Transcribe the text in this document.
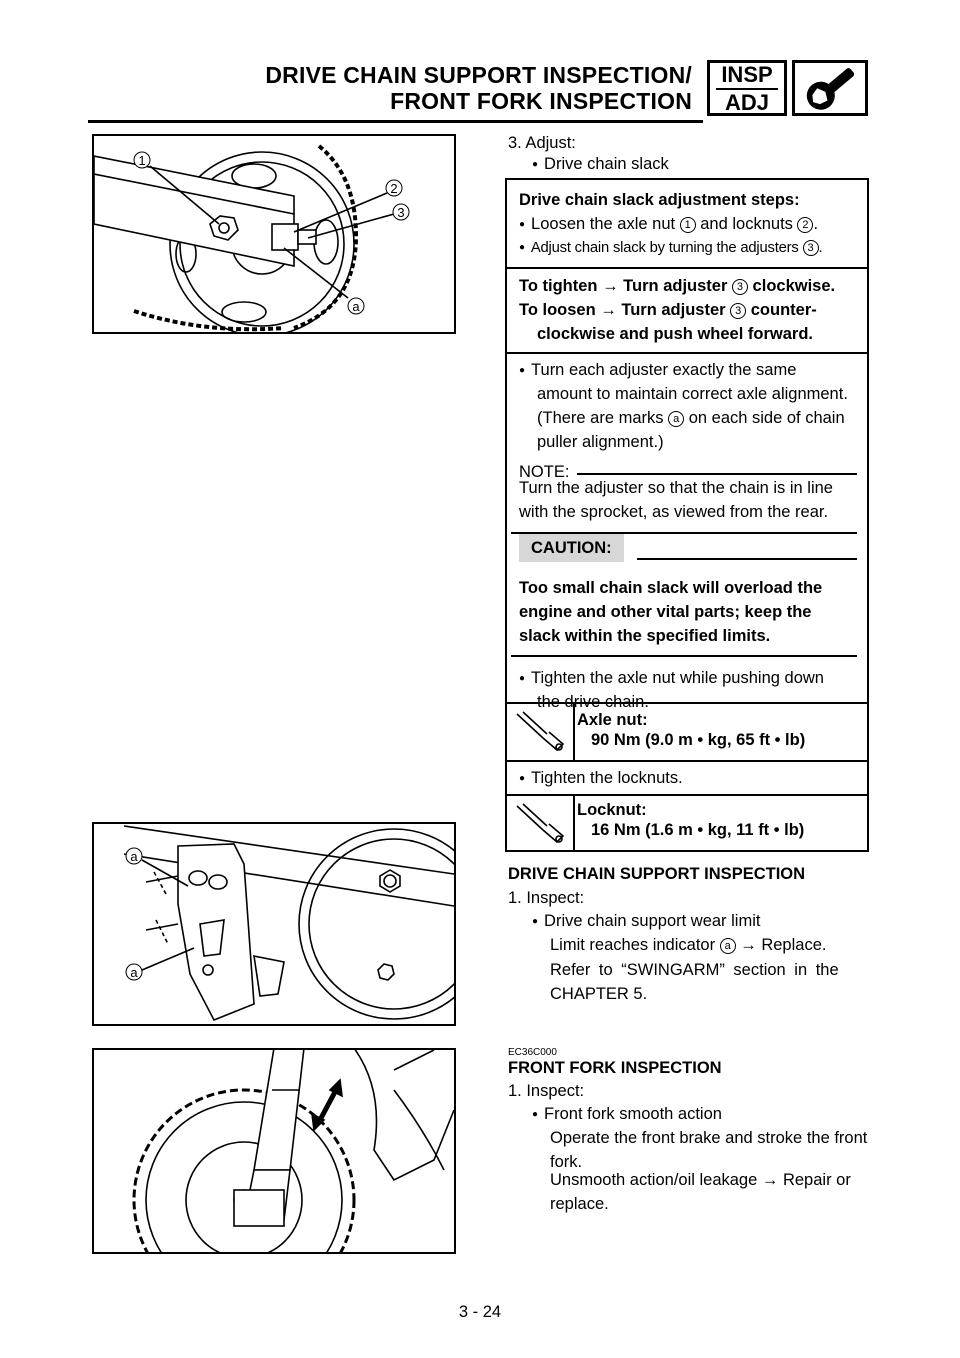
DRIVE CHAIN SUPPORT INSPECTION/
FRONT FORK INSPECTION
INSP
ADJ
1
2
3
a
a
a
3. Adjust:
● Drive chain slack
Drive chain slack adjustment steps:
● Loosen the axle nut 1 and locknuts 2 .
● Adjust chain slack by turning the adjusters 3 .
To tighten → Turn adjuster 3 clockwise.
To loosen → Turn adjuster 3 counter-
clockwise and push wheel forward.
● Turn each adjuster exactly the same
amount to maintain correct axle alignment.
(There are marks a on each side of chain
puller alignment.)
NOTE:
Turn the adjuster so that the chain is in line
with the sprocket, as viewed from the rear.
CAUTION:
Too small chain slack will overload the
engine and other vital parts; keep the
slack within the specified limits.
● Tighten the axle nut while pushing down
the drive chain.
Axle nut:
90 Nm (9.0 m • kg, 65 ft • lb)
● Tighten the locknuts.
Locknut:
16 Nm (1.6 m • kg, 11 ft • lb)
DRIVE CHAIN SUPPORT INSPECTION
1. Inspect:
● Drive chain support wear limit
Limit reaches indicator a → Replace.
Refer to “SWINGARM” section in the
CHAPTER 5.
EC36C000
FRONT FORK INSPECTION
1. Inspect:
● Front fork smooth action
Operate the front brake and stroke the front
fork.
Unsmooth action/oil leakage → Repair or
replace.
3 - 24
